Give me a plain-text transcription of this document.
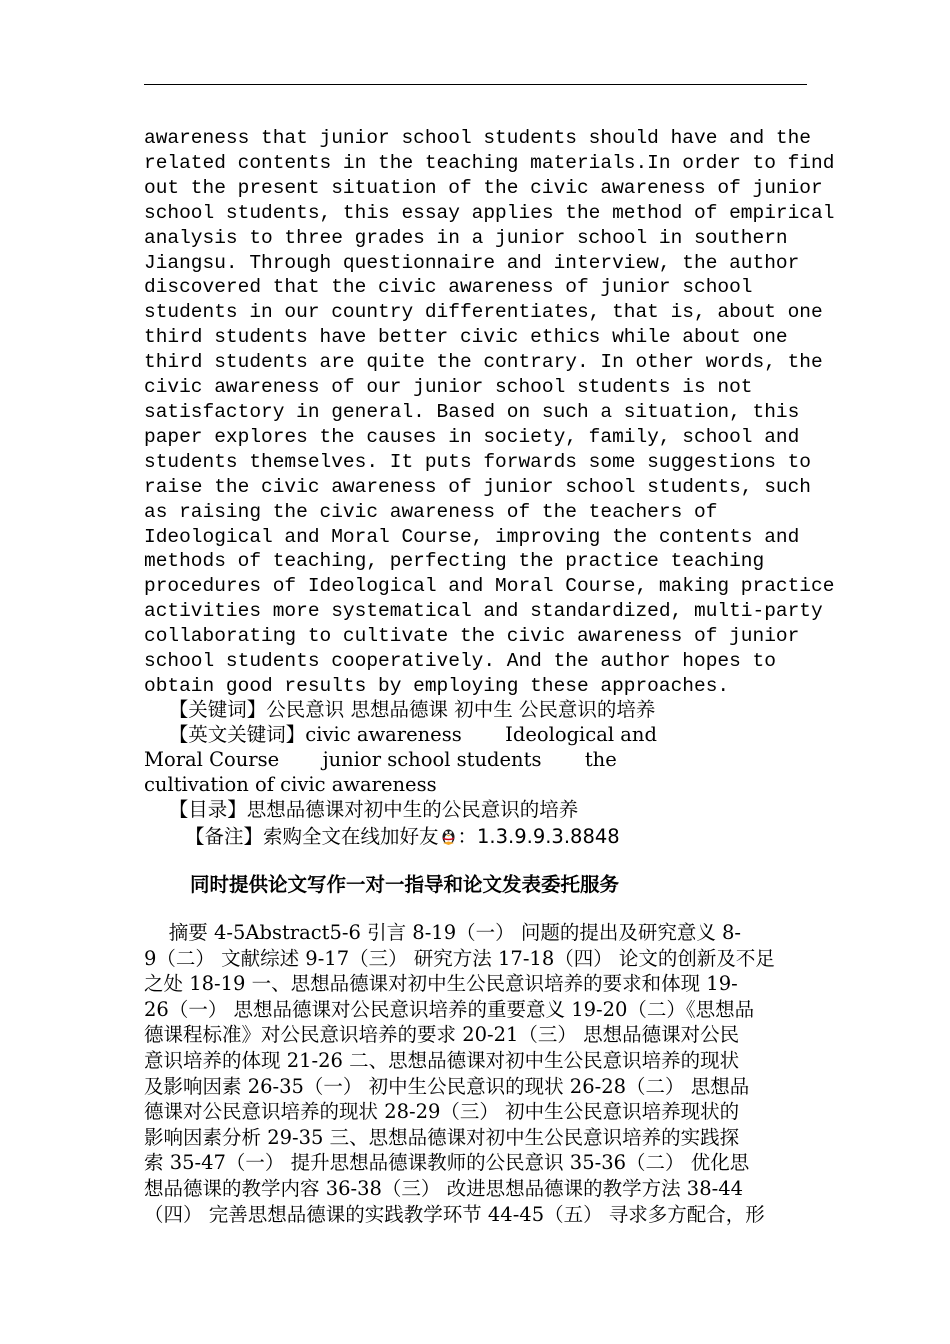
awareness that junior school students should have and the
related contents in the teaching materials.In order to find
out the present situation of the civic awareness of junior
school students, this essay applies the method of empirical
analysis to three grades in a junior school in southern
Jiangsu. Through questionnaire and interview, the author
discovered that the civic awareness of junior school
students in our country differentiates, that is, about one
third students have better civic ethics while about one
third students are quite the contrary. In other words, the
civic awareness of our junior school students is not
satisfactory in general. Based on such a situation, this
paper explores the causes in society, family, school and
students themselves. It puts forwards some suggestions to
raise the civic awareness of junior school students, such
as raising the civic awareness of the teachers of
Ideological and Moral Course, improving the contents and
methods of teaching, perfecting the practice teaching
procedures of Ideological and Moral Course, making practice
activities more systematical and standardized, multi-party
collaborating to cultivate the civic awareness of junior
school students cooperatively. And the author hopes to
obtain good results by employing these approaches.
【关键词】公民意识 思想品德课 初中生 公民意识的培养
【英文关键词】civic awareness       Ideological and
Moral Course       junior school students       the
cultivation of civic awareness
【目录】思想品德课对初中生的公民意识的培养
【备注】索购全文在线加好友 ：1.3.9.9.3.8848
同时提供论文写作一对一指导和论文发表委托服务
摘要 4-5Abstract5-6 引言 8-19（一） 问题的提出及研究意义 8-
9（二） 文献综述 9-17（三） 研究方法 17-18（四） 论文的创新及不足
之处 18-19 一、思想品德课对初中生公民意识培养的要求和体现 19-
26（一） 思想品德课对公民意识培养的重要意义 19-20（二）《思想品
德课程标准》对公民意识培养的要求 20-21（三） 思想品德课对公民
意识培养的体现 21-26 二、思想品德课对初中生公民意识培养的现状
及影响因素 26-35（一） 初中生公民意识的现状 26-28（二） 思想品
德课对公民意识培养的现状 28-29（三） 初中生公民意识培养现状的
影响因素分析 29-35 三、思想品德课对初中生公民意识培养的实践探
索 35-47（一） 提升思想品德课教师的公民意识 35-36（二） 优化思
想品德课的教学内容 36-38（三） 改进思想品德课的教学方法 38-44
（四） 完善思想品德课的实践教学环节 44-45（五） 寻求多方配合，形
